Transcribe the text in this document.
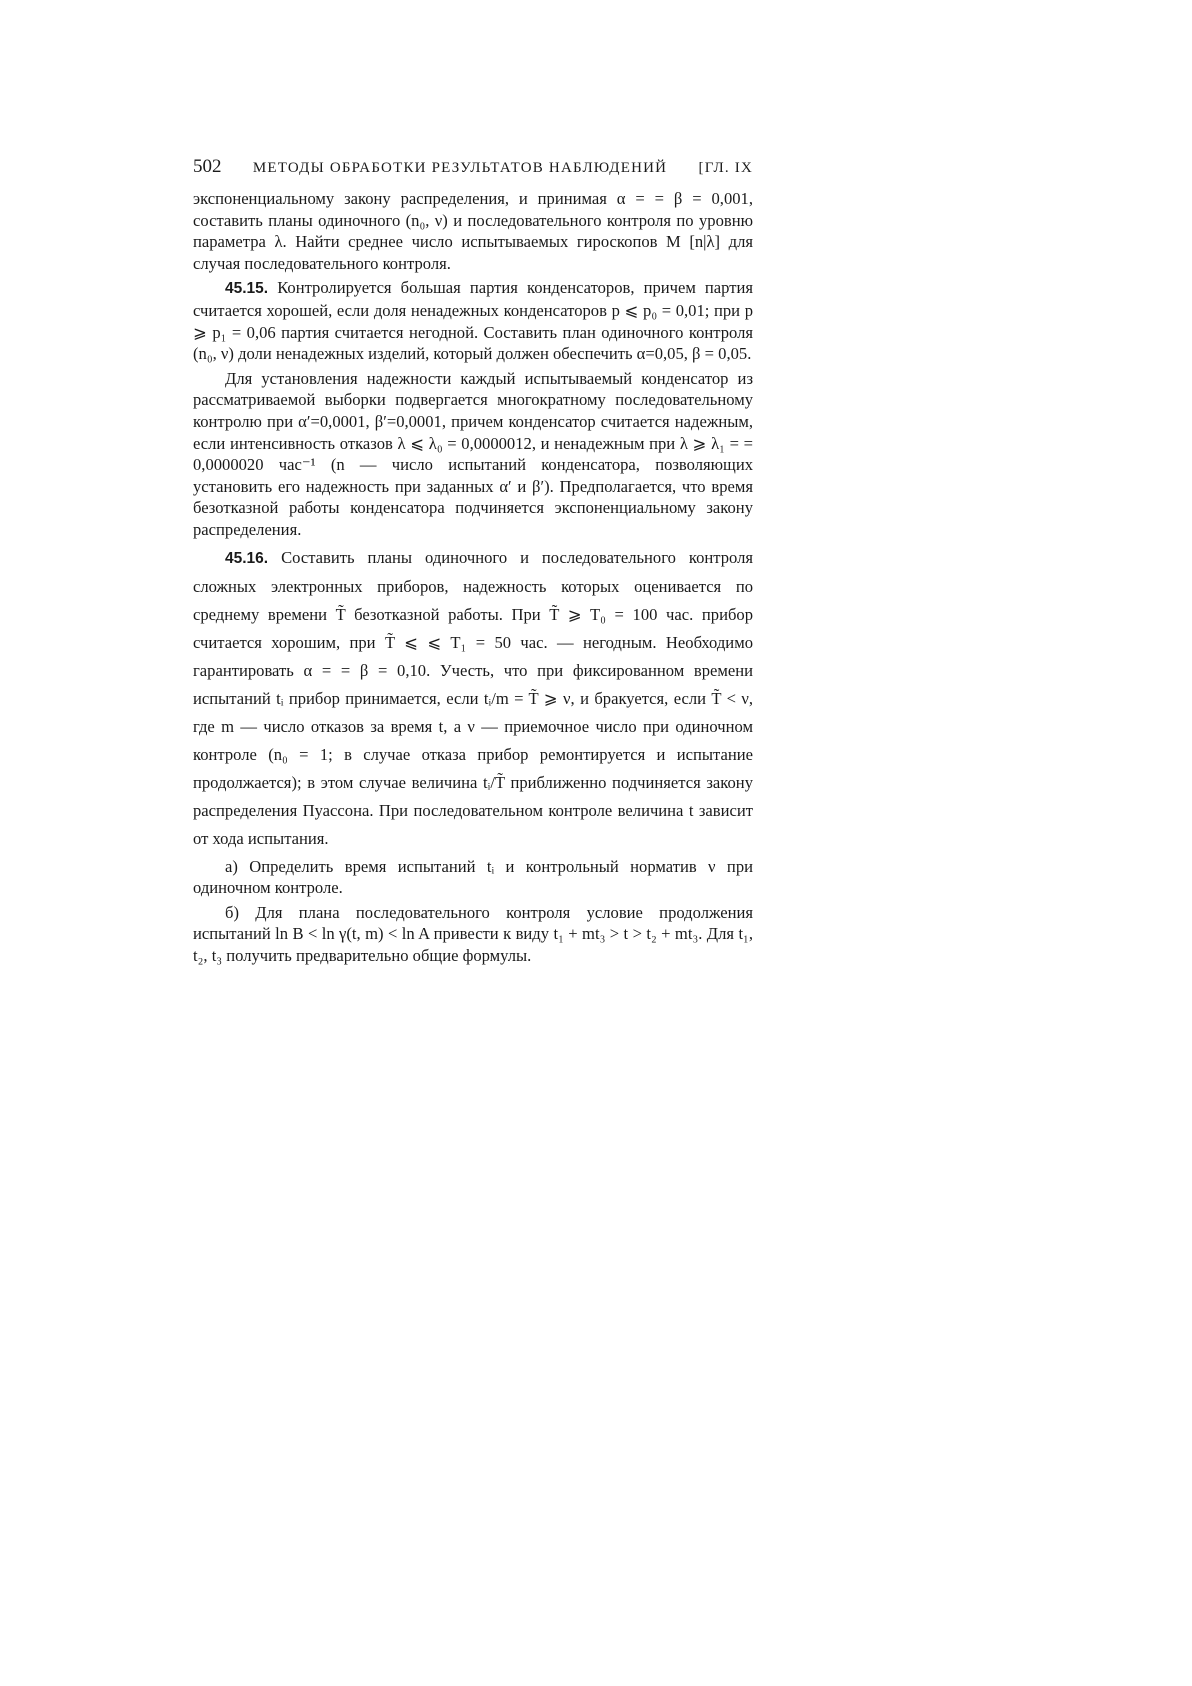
502 МЕТОДЫ ОБРАБОТКИ РЕЗУЛЬТАТОВ НАБЛЮДЕНИЙ [ГЛ. IX

экспоненциальному закону распределения, и принимая α = = β = 0,001, составить планы одиночного (n₀, ν) и последовательного контроля по уровню параметра λ. Найти среднее число испытываемых гироскопов M [n|λ] для случая последовательного контроля.

45.15. Контролируется большая партия конденсаторов, причем партия считается хорошей, если доля ненадежных конденсаторов p ⩽ p₀ = 0,01; при p ⩾ p₁ = 0,06 партия считается негодной. Составить план одиночного контроля (n₀, ν) доли ненадежных изделий, который должен обеспечить α=0,05, β = 0,05.

Для установления надежности каждый испытываемый конденсатор из рассматриваемой выборки подвергается многократному последовательному контролю при α′=0,0001, β′=0,0001, причем конденсатор считается надежным, если интенсивность отказов λ ⩽ λ₀ = 0,0000012, и ненадежным при λ ⩾ λ₁ = = 0,0000020 час⁻¹ (n — число испытаний конденсатора, позволяющих установить его надежность при заданных α′ и β′). Предполагается, что время безотказной работы конденсатора подчиняется экспоненциальному закону распределения.

45.16. Составить планы одиночного и последовательного контроля сложных электронных приборов, надежность которых оценивается по среднему времени T̃ безотказной работы. При T̃ ⩾ T₀ = 100 час. прибор считается хорошим, при T̃ ⩽ ⩽ T₁ = 50 час. — негодным. Необходимо гарантировать α = = β = 0,10. Учесть, что при фиксированном времени испытаний tᵢ прибор принимается, если tᵢ/m = T̃ ⩾ ν, и бракуется, если T̃ < ν, где m — число отказов за время t, а ν — приемочное число при одиночном контроле (n₀ = 1; в случае отказа прибор ремонтируется и испытание продолжается); в этом случае величина tᵢ/T̃ приближенно подчиняется закону распределения Пуассона. При последовательном контроле величина t зависит от хода испытания.

а) Определить время испытаний tᵢ и контрольный норматив ν при одиночном контроле.

б) Для плана последовательного контроля условие продолжения испытаний ln B < ln γ(t, m) < ln A привести к виду t₁ + mt₃ > t > t₂ + mt₃. Для t₁, t₂, t₃ получить предварительно общие формулы.
